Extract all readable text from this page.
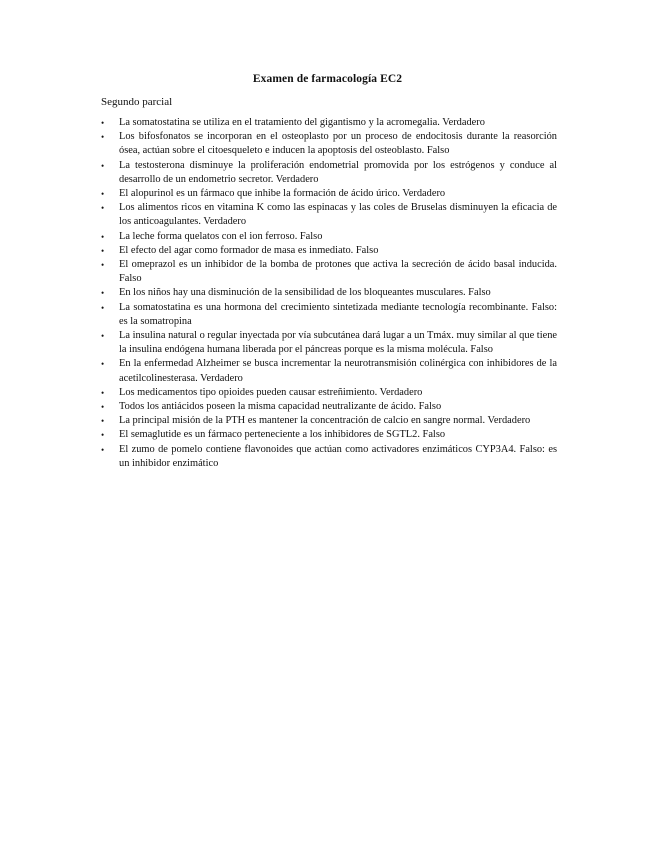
Examen de farmacología EC2
Segundo parcial
• La somatostatina se utiliza en el tratamiento del gigantismo y la acromegalia. Verdadero
• Los bifosfonatos se incorporan en el osteoplasto por un proceso de endocitosis durante la reasorción ósea, actúan sobre el citoesqueleto e inducen la apoptosis del osteoblasto. Falso
• La testosterona disminuye la proliferación endometrial promovida por los estrógenos y conduce al desarrollo de un endometrio secretor. Verdadero
• El alopurinol es un fármaco que inhibe la formación de ácido úrico. Verdadero
• Los alimentos ricos en vitamina K como las espinacas y las coles de Bruselas disminuyen la eficacia de los anticoagulantes. Verdadero
• La leche forma quelatos con el ion ferroso. Falso
• El efecto del agar como formador de masa es inmediato. Falso
• El omeprazol es un inhibidor de la bomba de protones que activa la secreción de ácido basal inducida. Falso
• En los niños hay una disminución de la sensibilidad de los bloqueantes musculares. Falso
• La somatostatina es una hormona del crecimiento sintetizada mediante tecnología recombinante. Falso: es la somatropina
• La insulina natural o regular inyectada por vía subcutánea dará lugar a un Tmáx. muy similar al que tiene la insulina endógena humana liberada por el páncreas porque es la misma molécula. Falso
• En la enfermedad Alzheimer se busca incrementar la neurotransmisión colinérgica con inhibidores de la acetilcolinesterasa. Verdadero
• Los medicamentos tipo opioides pueden causar estreñimiento. Verdadero
• Todos los antiácidos poseen la misma capacidad neutralizante de ácido. Falso
• La principal misión de la PTH es mantener la concentración de calcio en sangre normal. Verdadero
• El semaglutide es un fármaco perteneciente a los inhibidores de SGTL2. Falso
• El zumo de pomelo contiene flavonoides que actúan como activadores enzimáticos CYP3A4. Falso: es un inhibidor enzimático
